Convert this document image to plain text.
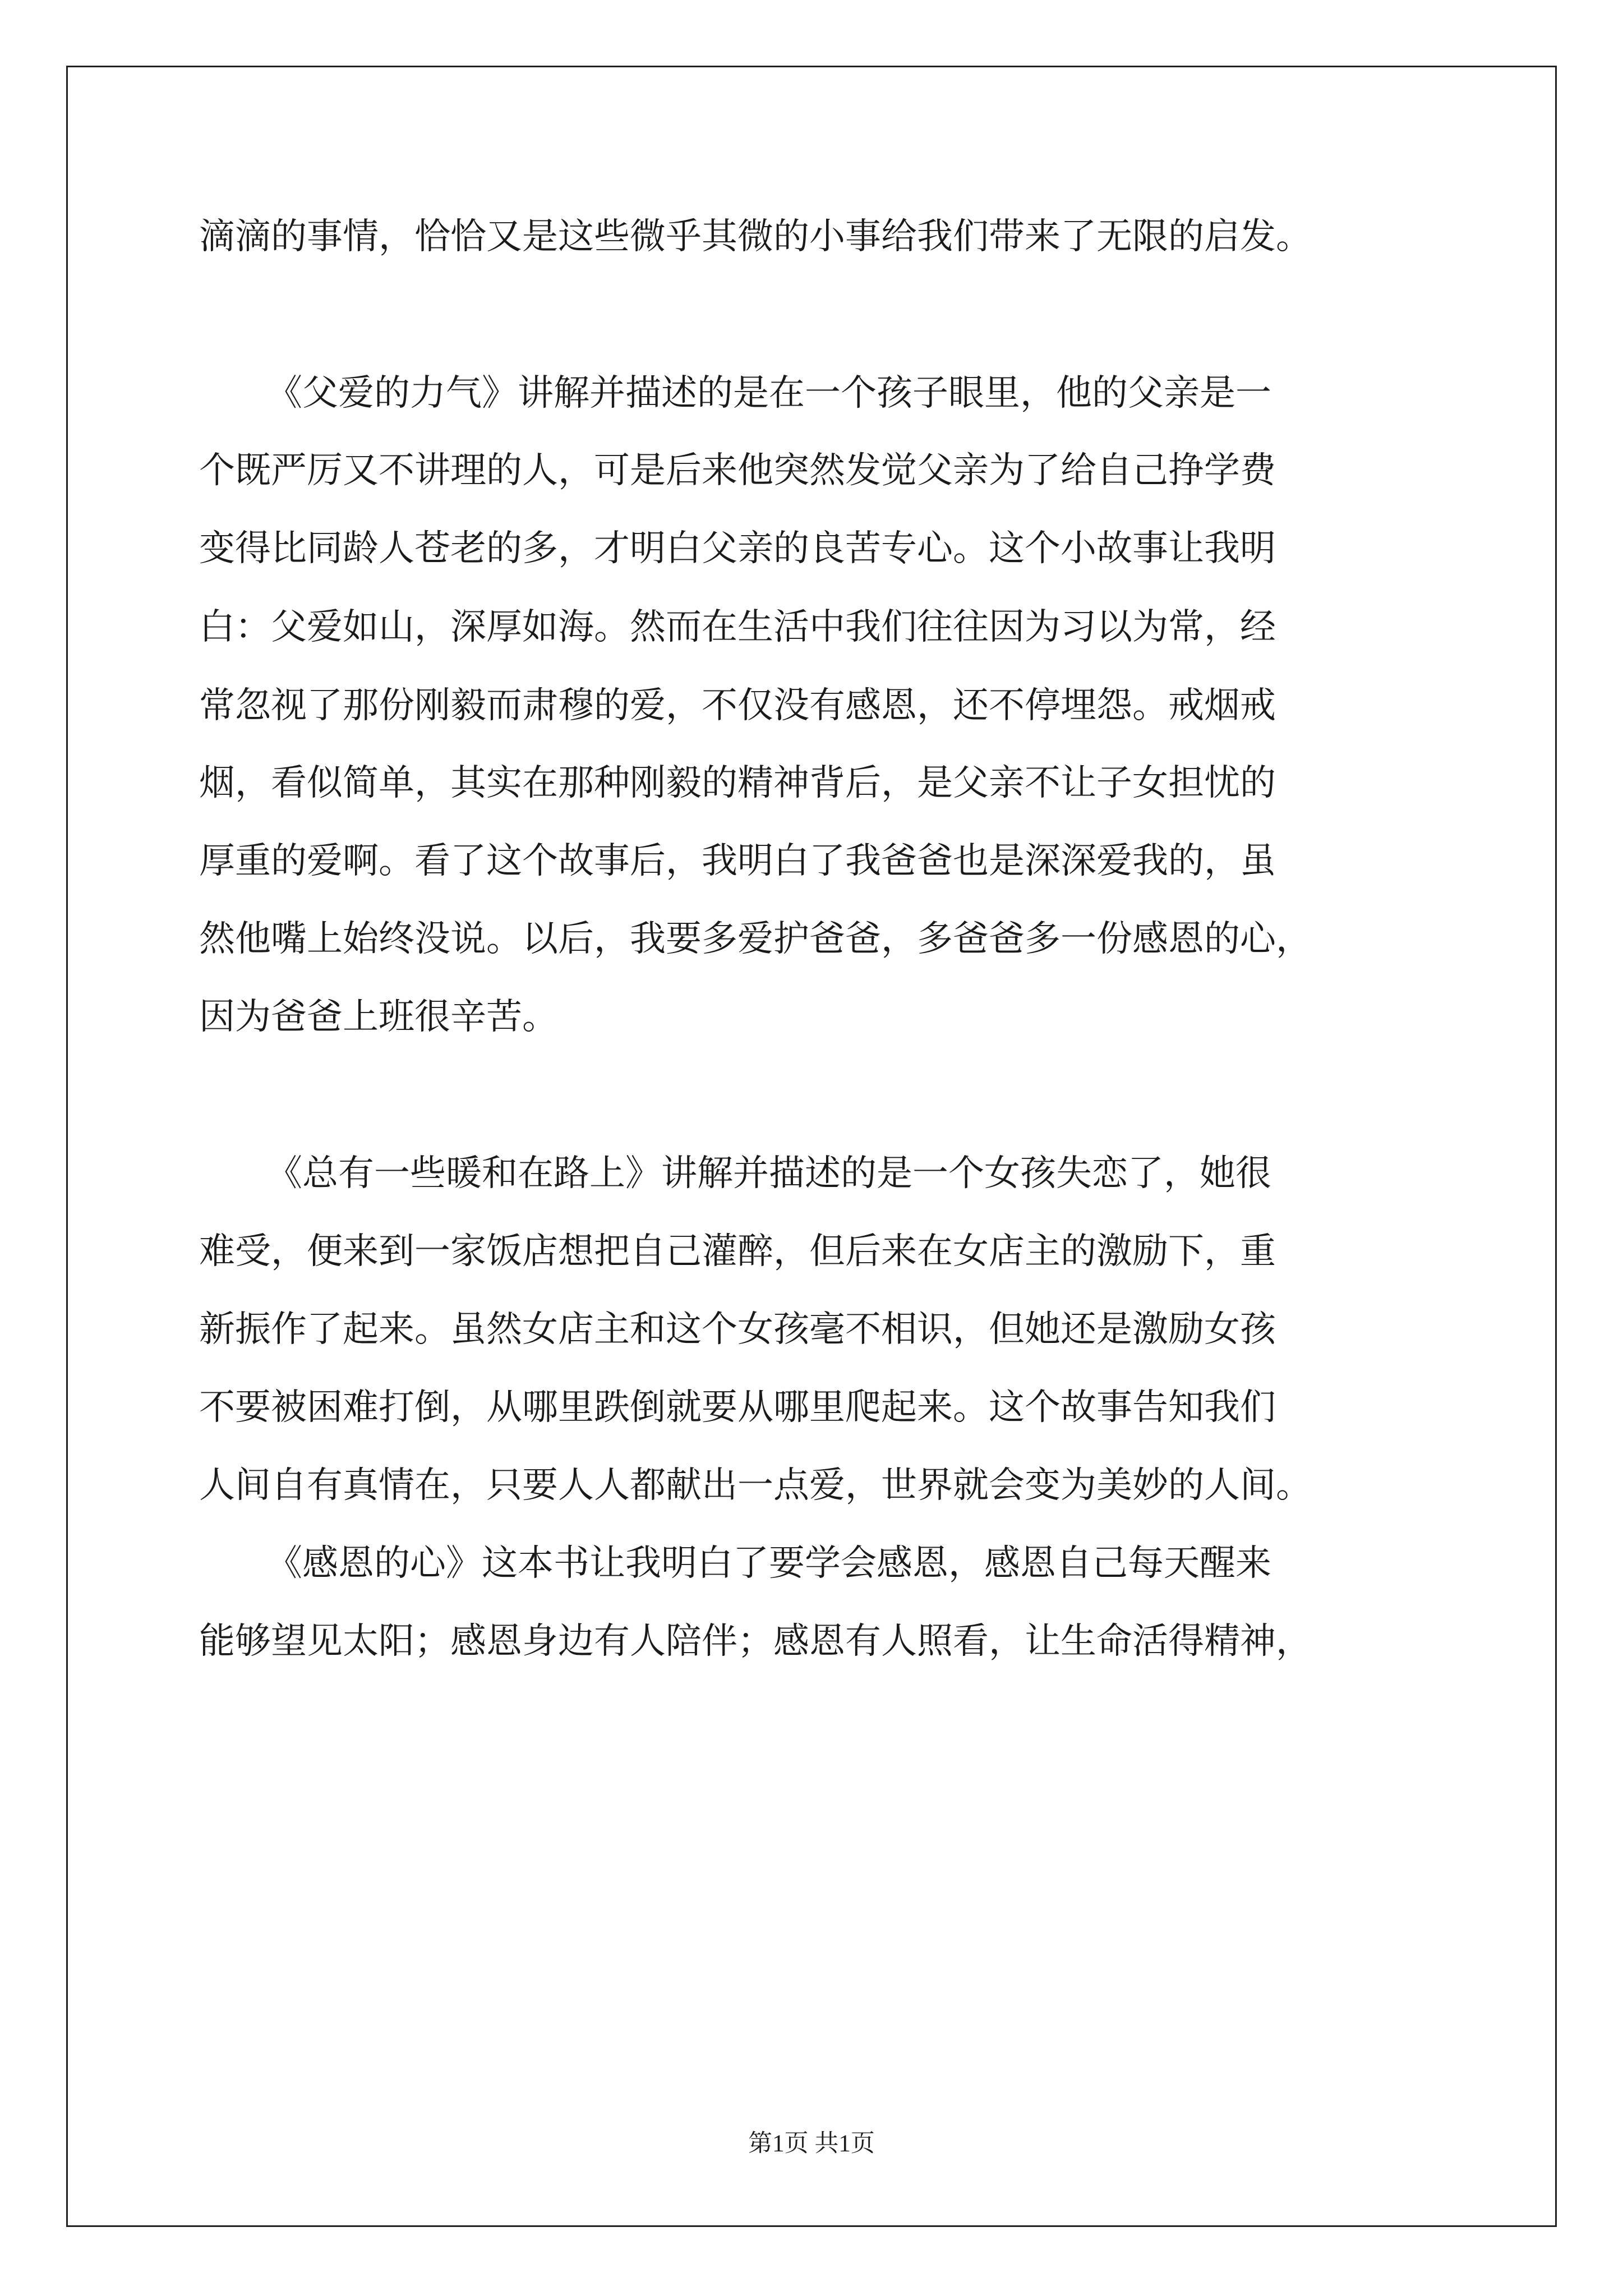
滴滴的事情，恰恰又是这些微乎其微的小事给我们带来了无限的启发。

《父爱的力气》讲解并描述的是在一个孩子眼里，他的父亲是一

个既严厉又不讲理的人，可是后来他突然发觉父亲为了给自己挣学费

变得比同龄人苍老的多，才明白父亲的良苦专心。这个小故事让我明

白：父爱如山，深厚如海。然而在生活中我们往往因为习以为常，经

常忽视了那份刚毅而肃穆的爱，不仅没有感恩，还不停埋怨。戒烟戒

烟，看似简单，其实在那种刚毅的精神背后，是父亲不让子女担忧的

厚重的爱啊。看了这个故事后，我明白了我爸爸也是深深爱我的，虽

然他嘴上始终没说。以后，我要多爱护爸爸，多爸爸多一份感恩的心，

因为爸爸上班很辛苦。

《总有一些暖和在路上》讲解并描述的是一个女孩失恋了，她很

难受，便来到一家饭店想把自己灌醉，但后来在女店主的激励下，重

新振作了起来。虽然女店主和这个女孩毫不相识，但她还是激励女孩

不要被困难打倒，从哪里跌倒就要从哪里爬起来。这个故事告知我们

人间自有真情在，只要人人都献出一点爱，世界就会变为美妙的人间。

《感恩的心》这本书让我明白了要学会感恩，感恩自己每天醒来

能够望见太阳；感恩身边有人陪伴；感恩有人照看，让生命活得精神，

第1页 共1页
